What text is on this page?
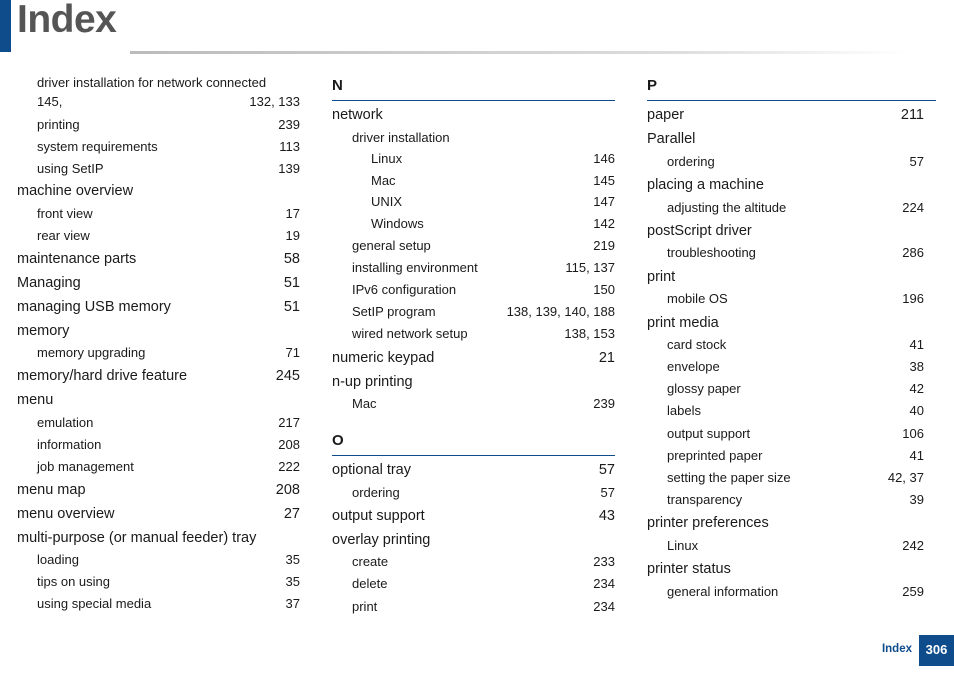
Index
driver installation for network connected
145,	132, 133
printing	239
system requirements	113
using SetIP	139
machine overview
front view	17
rear view	19
maintenance parts	58
Managing	51
managing USB memory	51
memory
memory upgrading	71
memory/hard drive feature	245
menu
emulation	217
information	208
job management	222
menu map	208
menu overview	27
multi-purpose (or manual feeder) tray
loading	35
tips on using	35
using special media	37
N
network
driver installation
Linux	146
Mac	145
UNIX	147
Windows	142
general setup	219
installing environment	115, 137
IPv6 configuration	150
SetIP program	138, 139, 140, 188
wired network setup	138, 153
numeric keypad	21
n-up printing
Mac	239
O
optional tray	57
ordering	57
output support	43
overlay printing
create	233
delete	234
print	234
P
paper	211
Parallel
ordering	57
placing a machine
adjusting the altitude	224
postScript driver
troubleshooting	286
print
mobile OS	196
print media
card stock	41
envelope	38
glossy paper	42
labels	40
output support	106
preprinted paper	41
setting the paper size	42, 37
transparency	39
printer preferences
Linux	242
printer status
general information	259
Index	306
